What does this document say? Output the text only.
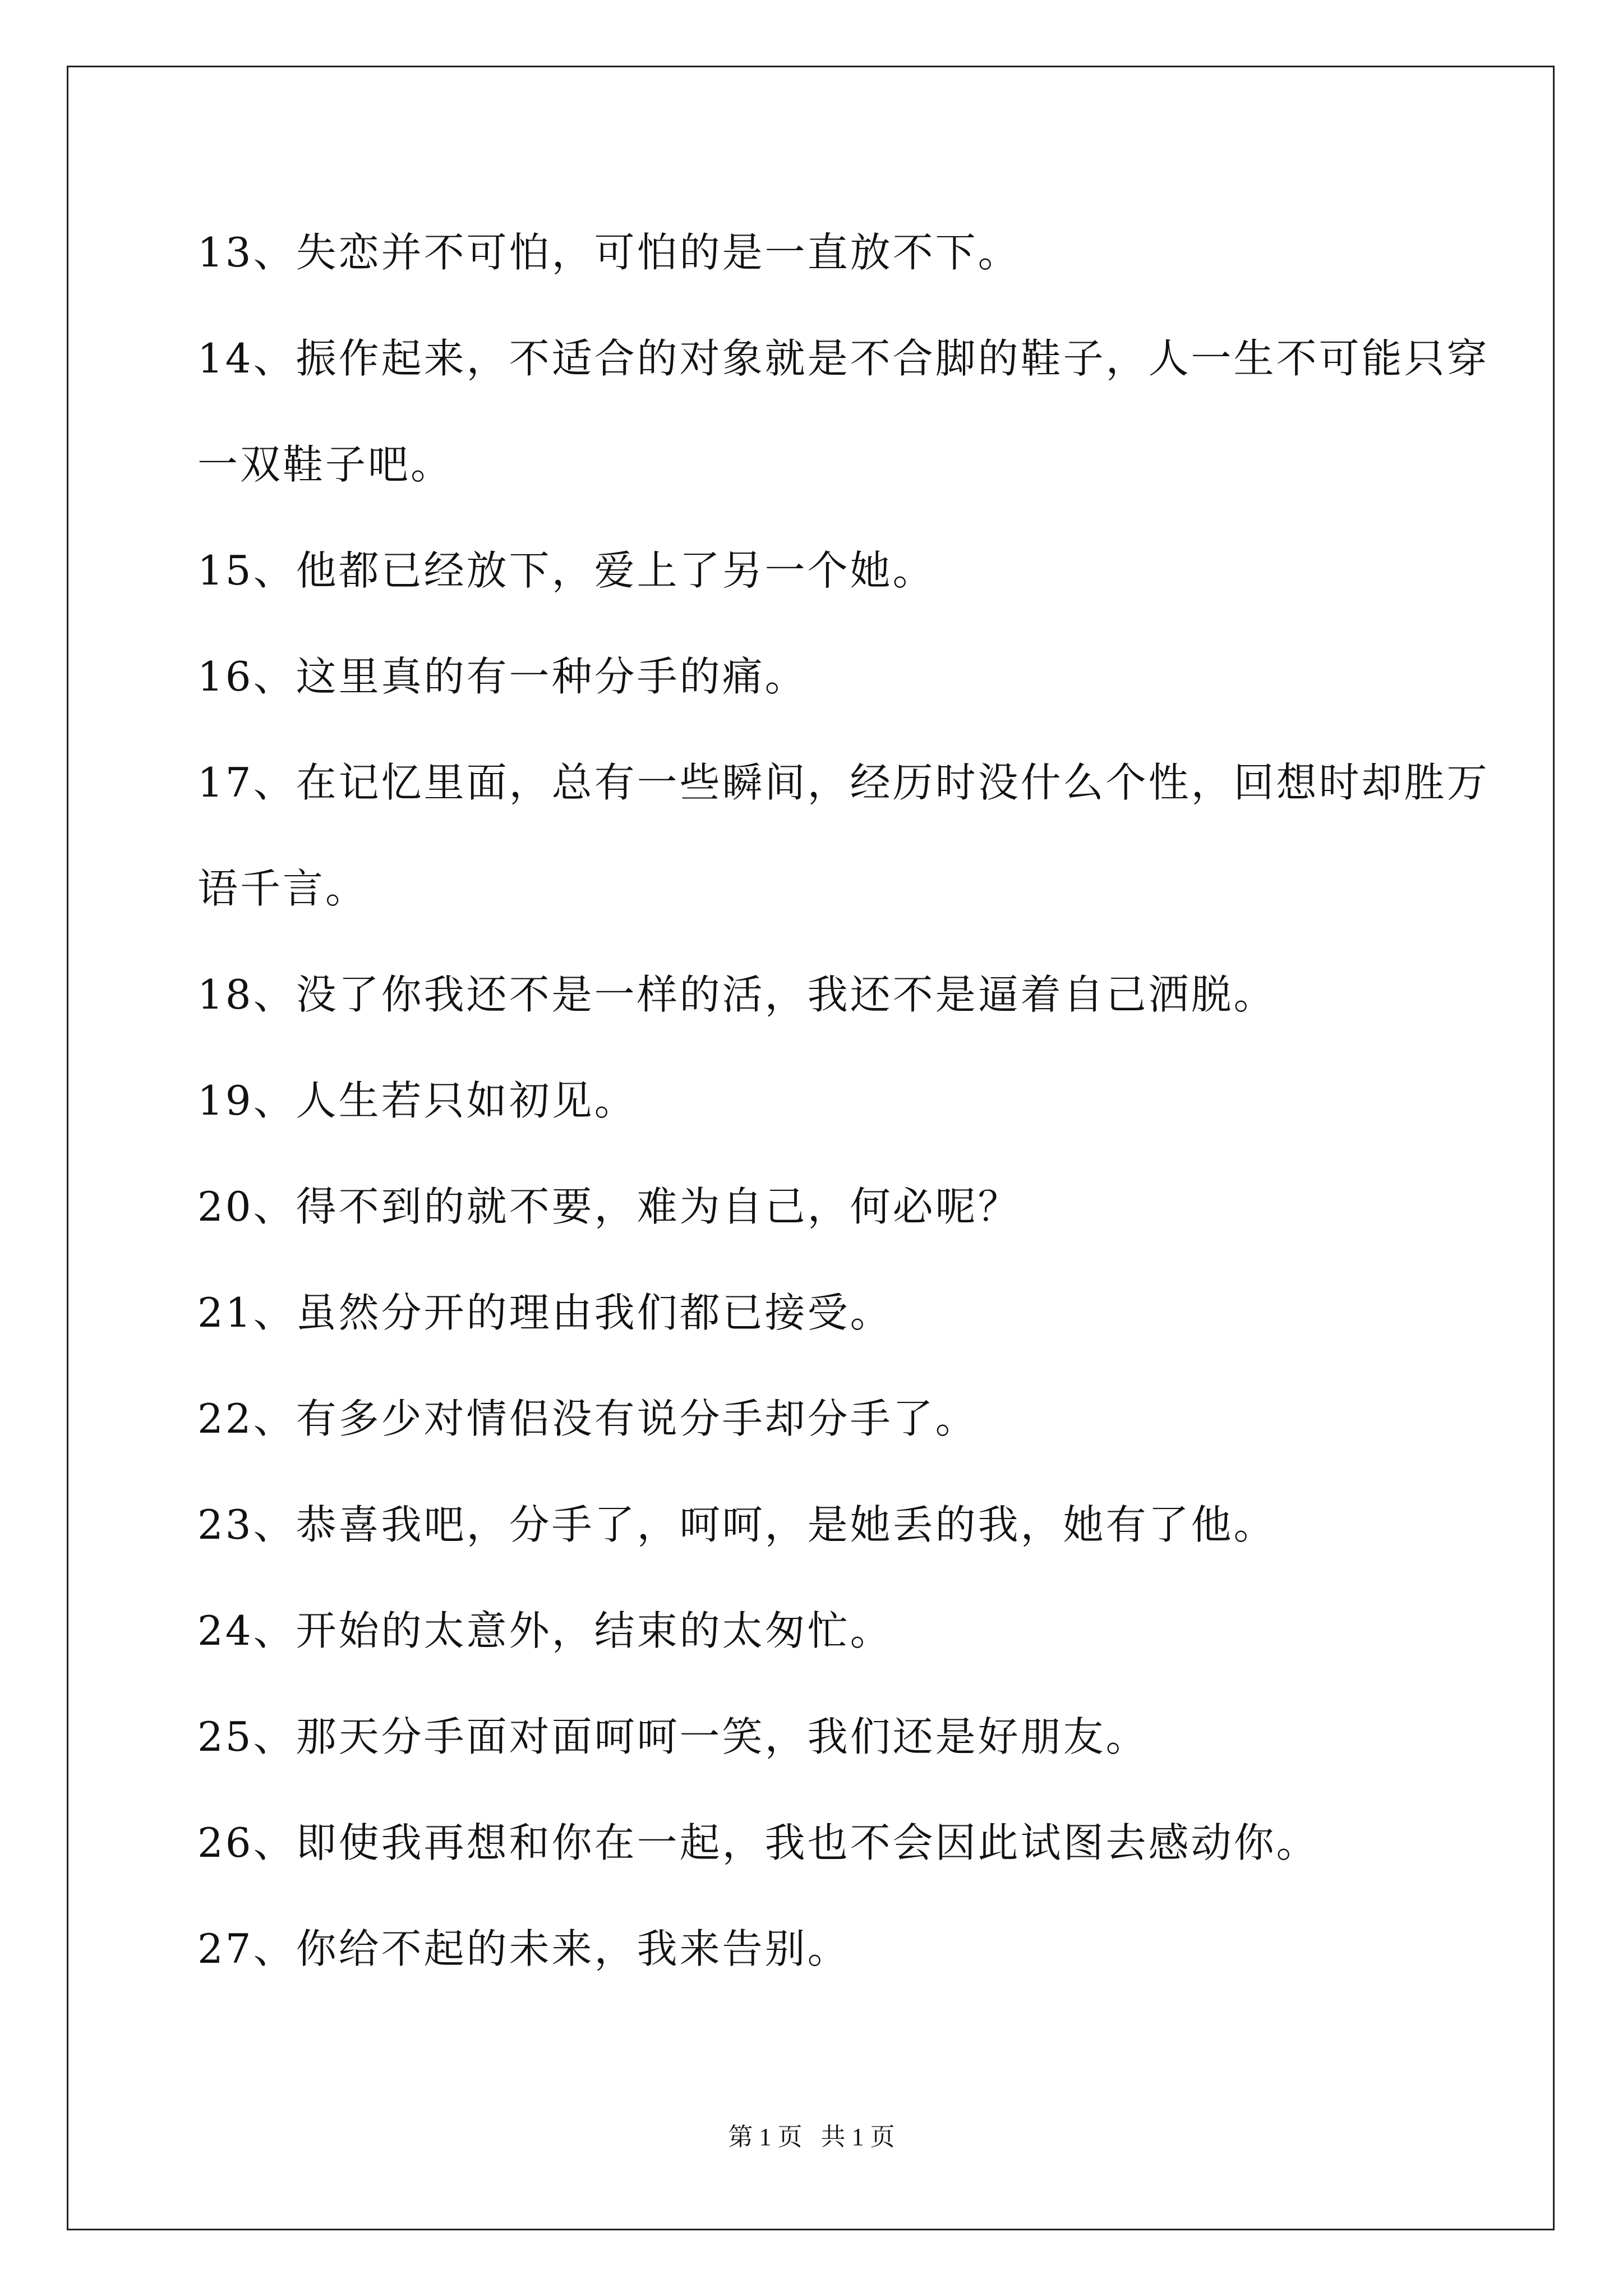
13、失恋并不可怕，可怕的是一直放不下。
14、振作起来，不适合的对象就是不合脚的鞋子，人一生不可能只穿
一双鞋子吧。
15、他都已经放下，爱上了另一个她。
16、这里真的有一种分手的痛。
17、在记忆里面，总有一些瞬间，经历时没什么个性，回想时却胜万
语千言。
18、没了你我还不是一样的活，我还不是逼着自己洒脱。
19、人生若只如初见。
20、得不到的就不要，难为自己，何必呢？
21、虽然分开的理由我们都已接受。
22、有多少对情侣没有说分手却分手了。
23、恭喜我吧，分手了，呵呵，是她丢的我，她有了他。
24、开始的太意外，结束的太匆忙。
25、那天分手面对面呵呵一笑，我们还是好朋友。
26、即使我再想和你在一起，我也不会因此试图去感动你。
27、你给不起的未来，我来告别。
第 1 页   共 1 页
